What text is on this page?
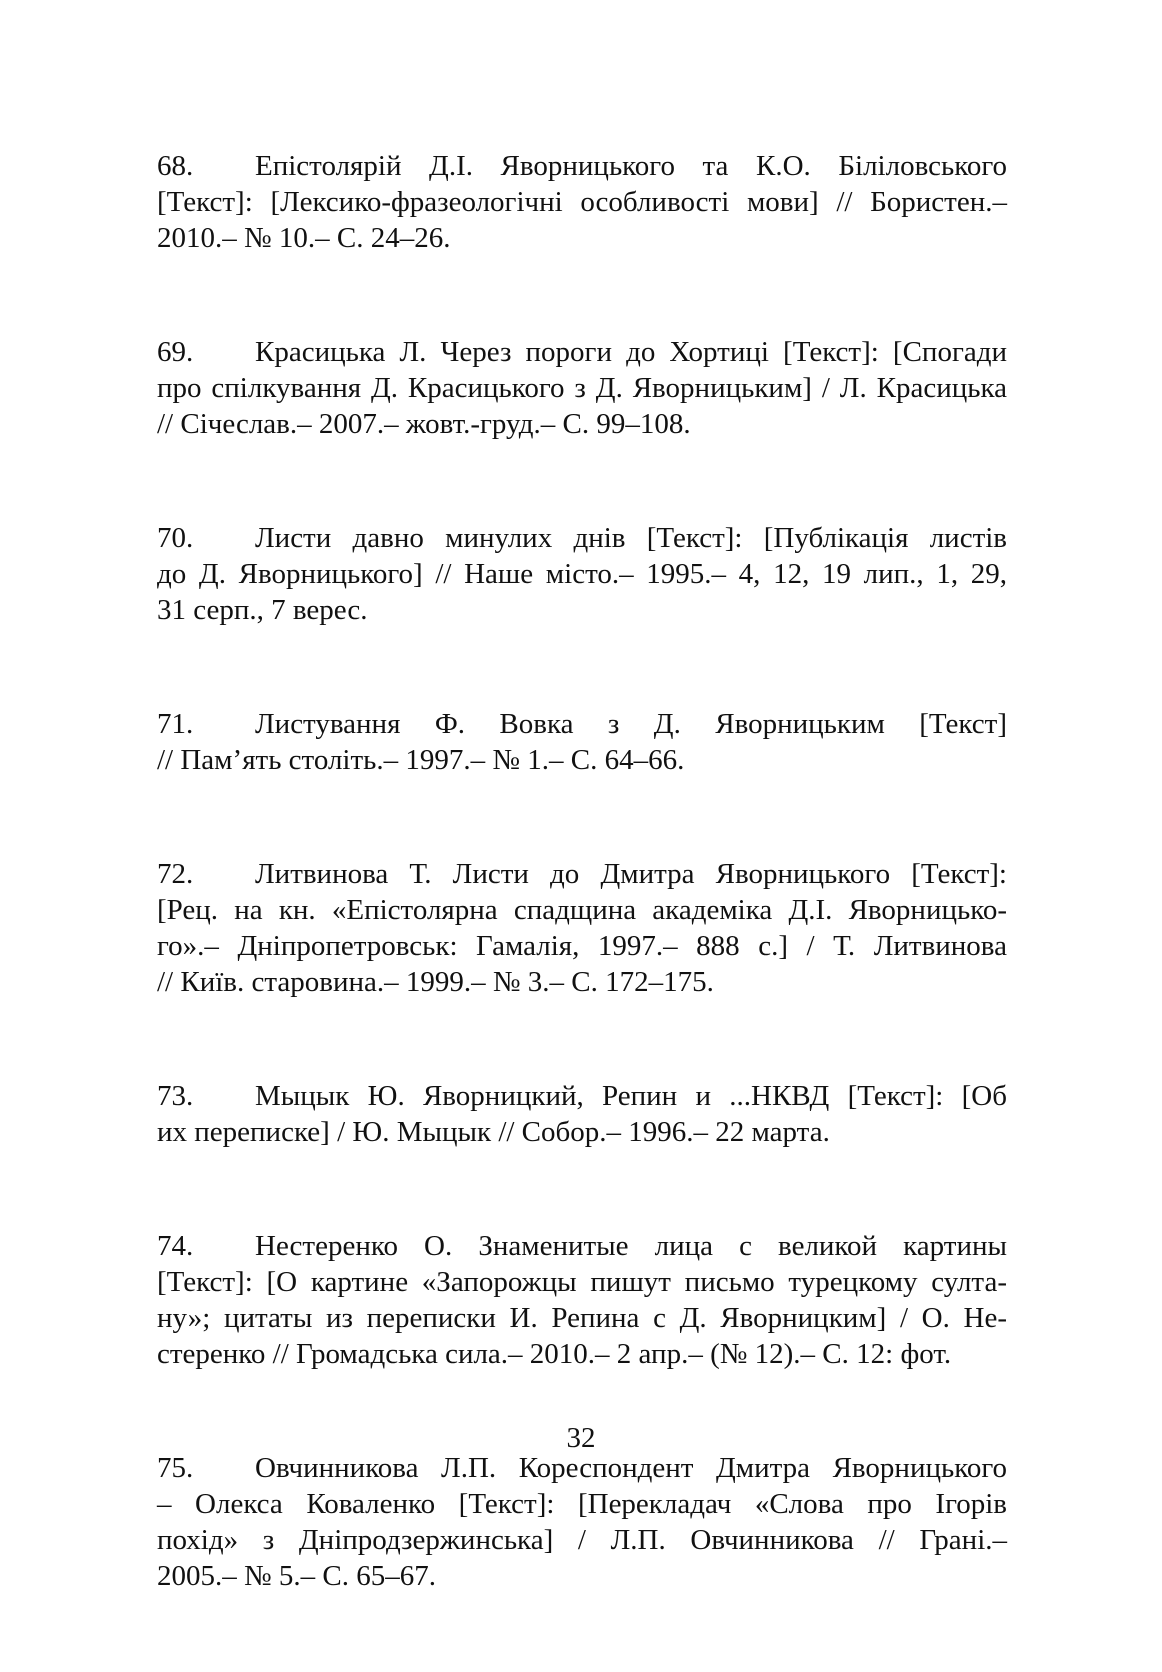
68. Епістолярій Д.І. Яворницького та К.О. Біліловського
[Текст]: [Лексико-фразеологічні особливості мови] // Бористен.–
2010.– № 10.– С. 24–26.
69. Красицька Л. Через пороги до Хортиці [Текст]: [Спогади
про спілкування Д. Красицького з Д. Яворницьким] / Л. Красицька
// Січеслав.– 2007.– жовт.-груд.– С. 99–108.
70. Листи давно минулих днів [Текст]: [Публікація листів
до Д. Яворницького] // Наше місто.– 1995.– 4, 12, 19 лип., 1, 29,
31 серп., 7 верес.
71. Листування Ф. Вовка з Д. Яворницьким [Текст]
// Пам’ять століть.– 1997.– № 1.– С. 64–66.
72. Литвинова Т. Листи до Дмитра Яворницького [Текст]:
[Рец. на кн. «Епістолярна спадщина академіка Д.І. Яворницько-
го».– Дніпропетровськ: Гамалія, 1997.– 888 с.] / Т. Литвинова
// Київ. старовина.– 1999.– № 3.– С. 172–175.
73. Мыцык Ю. Яворницкий, Репин и ...НКВД [Текст]: [Об
их переписке] / Ю. Мыцык // Собор.– 1996.– 22 марта.
74. Нестеренко О. Знаменитые лица с великой картины
[Текст]: [О картине «Запорожцы пишут письмо турецкому султа-
ну»; цитаты из переписки И. Репина с Д. Яворницким] / О. Не-
стеренко // Громадська сила.– 2010.– 2 апр.– (№ 12).– С. 12: фот.
75. Овчинникова Л.П. Кореспондент Дмитра Яворницького
– Олекса Коваленко [Текст]: [Перекладач «Слова про Ігорів
похід» з Дніпродзержинська] / Л.П. Овчинникова // Грані.–
2005.– № 5.– С. 65–67.
32
